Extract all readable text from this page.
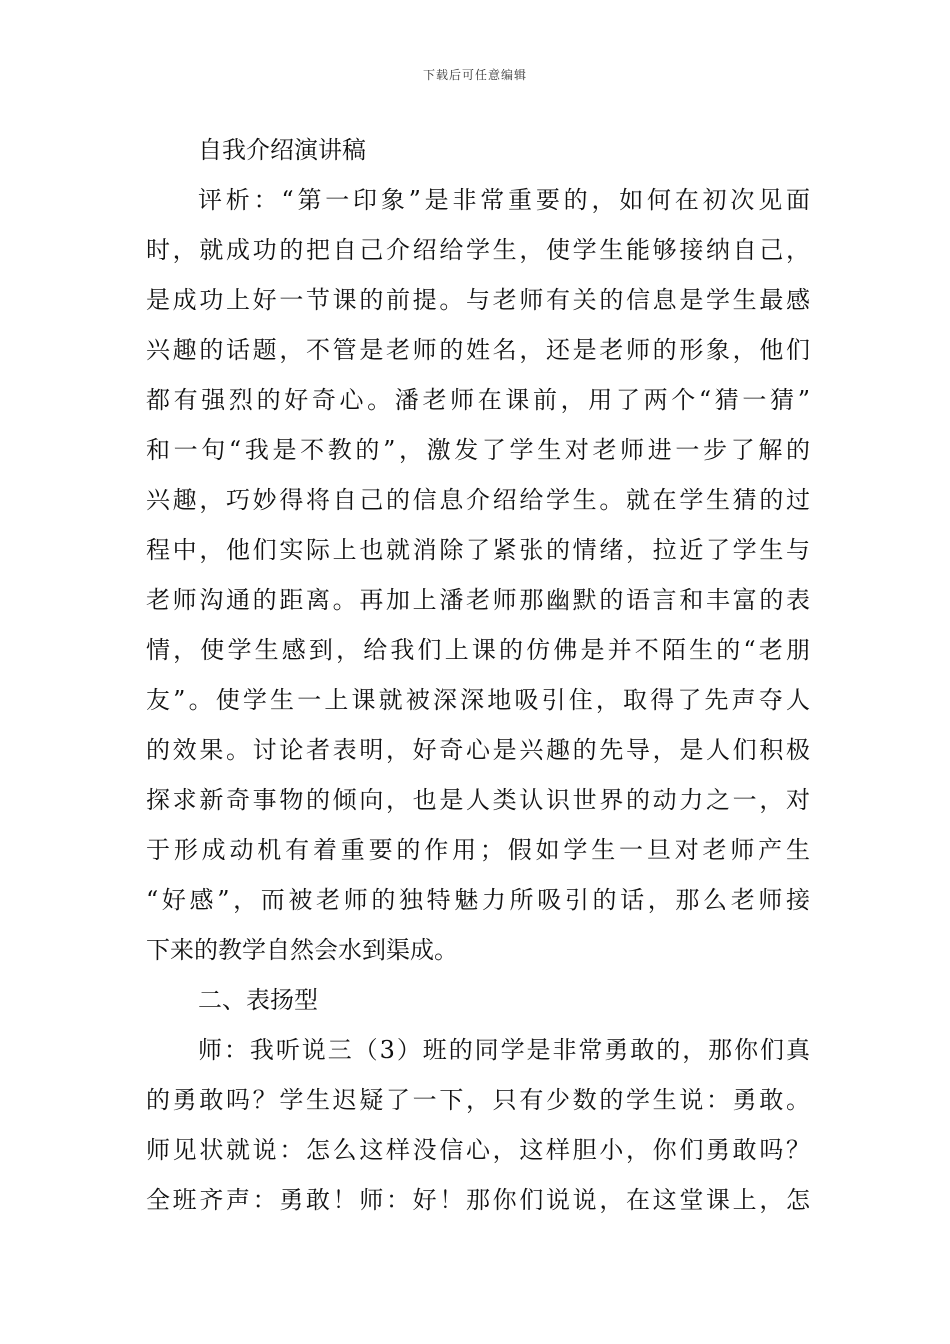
下载后可任意编辑
自我介绍演讲稿
评析：“第一印象”是非常重要的，如何在初次见面
时，就成功的把自己介绍给学生，使学生能够接纳自己，
是成功上好一节课的前提。与老师有关的信息是学生最感
兴趣的话题，不管是老师的姓名，还是老师的形象，他们
都有强烈的好奇心。潘老师在课前，用了两个“猜一猜”
和一句“我是不教的”，激发了学生对老师进一步了解的
兴趣，巧妙得将自己的信息介绍给学生。就在学生猜的过
程中，他们实际上也就消除了紧张的情绪，拉近了学生与
老师沟通的距离。再加上潘老师那幽默的语言和丰富的表
情，使学生感到，给我们上课的仿佛是并不陌生的“老朋
友”。使学生一上课就被深深地吸引住，取得了先声夺人
的效果。讨论者表明，好奇心是兴趣的先导，是人们积极
探求新奇事物的倾向，也是人类认识世界的动力之一，对
于形成动机有着重要的作用；假如学生一旦对老师产生
“好感”，而被老师的独特魅力所吸引的话，那么老师接
下来的教学自然会水到渠成。
二、表扬型
师：我听说三（3）班的同学是非常勇敢的，那你们真
的勇敢吗？学生迟疑了一下，只有少数的学生说：勇敢。
师见状就说：怎么这样没信心，这样胆小，你们勇敢吗？
全班齐声：勇敢！师：好！那你们说说，在这堂课上，怎
